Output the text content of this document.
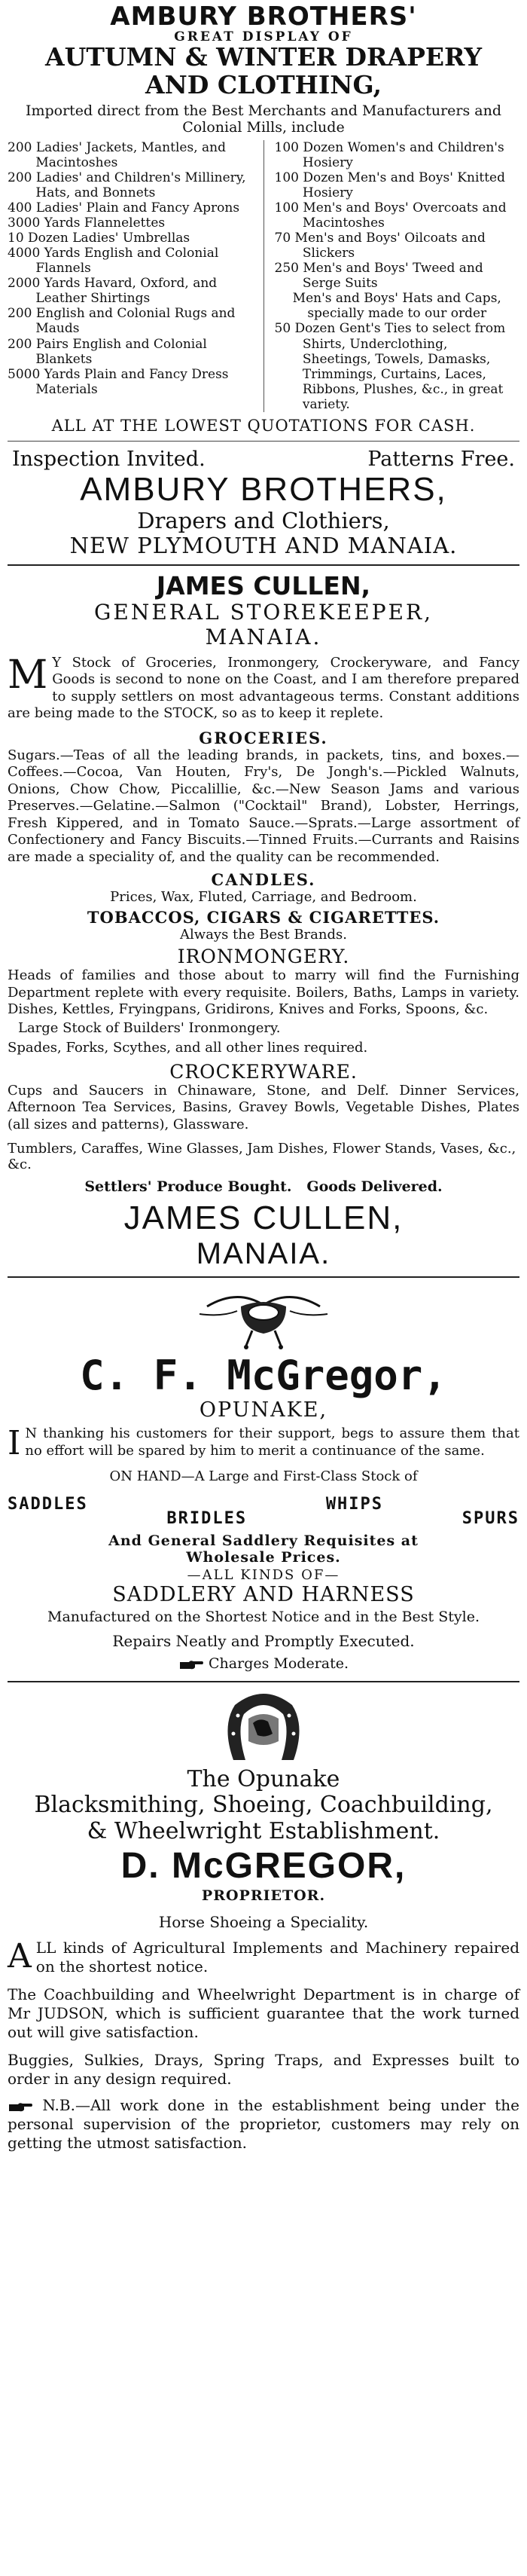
AMBURY BROTHERS'
GREAT DISPLAY OF
AUTUMN & WINTER DRAPERY
AND CLOTHING,
Imported direct from the Best Merchants and Manufacturers and Colonial Mills, include
200 Ladies' Jackets, Mantles, and Macintoshes
200 Ladies' and Children's Millinery, Hats, and Bonnets
400 Ladies' Plain and Fancy Aprons
3000 Yards Flannelettes
10 Dozen Ladies' Umbrellas
4000 Yards English and Colonial Flannels
2000 Yards Havard, Oxford, and Leather Shirtings
200 English and Colonial Rugs and Mauds
200 Pairs English and Colonial Blankets
5000 Yards Plain and Fancy Dress Materials
100 Dozen Women's and Children's Hosiery
100 Dozen Men's and Boys' Knitted Hosiery
100 Men's and Boys' Overcoats and Macintoshes
70 Men's and Boys' Oilcoats and Slickers
250 Men's and Boys' Tweed and Serge Suits
Men's and Boys' Hats and Caps, specially made to our order
50 Dozen Gent's Ties to select from Shirts, Underclothing, Sheetings, Towels, Damasks, Trimmings, Curtains, Laces, Ribbons, Plushes, &c., in great variety.
ALL AT THE LOWEST QUOTATIONS FOR CASH.
Inspection Invited.	Patterns Free.
AMBURY BROTHERS,
Drapers and Clothiers,
NEW PLYMOUTH AND MANAIA.
JAMES CULLEN,
GENERAL STOREKEEPER,
MANAIA.
M Y Stock of Groceries, Ironmongery, Crockeryware, and Fancy Goods is second to none on the Coast, and I am therefore prepared to supply settlers on most advantageous terms. Constant additions are being made to the STOCK, so as to keep it replete.
GROCERIES.
Sugars.—Teas of all the leading brands, in packets, tins, and boxes.—Coffees.—Cocoa, Van Houten, Fry's, De Jongh's.—Pickled Walnuts, Onions, Chow Chow, Piccalillie, &c.—New Season Jams and various Preserves.—Gelatine.—Salmon ("Cocktail" Brand), Lobster, Herrings, Fresh Kippered, and in Tomato Sauce.—Sprats.—Large assortment of Confectionery and Fancy Biscuits.—Tinned Fruits.—Currants and Raisins are made a speciality of, and the quality can be recommended.
CANDLES.
Prices, Wax, Fluted, Carriage, and Bedroom.
TOBACCOS, CIGARS & CIGARETTES.
Always the Best Brands.
IRONMONGERY.
Heads of families and those about to marry will find the Furnishing Department replete with every requisite. Boilers, Baths, Lamps in variety. Dishes, Kettles, Fryingpans, Gridirons, Knives and Forks, Spoons, &c.
Large Stock of Builders' Ironmongery.
Spades, Forks, Scythes, and all other lines required.
CROCKERYWARE.
Cups and Saucers in Chinaware, Stone, and Delf. Dinner Services, Afternoon Tea Services, Basins, Gravey Bowls, Vegetable Dishes, Plates (all sizes and patterns), Glassware.
Tumblers, Caraffes, Wine Glasses, Jam Dishes, Flower Stands, Vases, &c., &c.
Settlers' Produce Bought. Goods Delivered.
JAMES CULLEN,
MANAIA.
C. F. McGregor,
OPUNAKE,
I N thanking his customers for their support, begs to assure them that no effort will be spared by him to merit a continuance of the same.
ON HAND—A Large and First-Class Stock of
SADDLES
BRIDLES
WHIPS
SPURS
And General Saddlery Requisites at
Wholesale Prices.
—ALL KINDS OF—
SADDLERY AND HARNESS
Manufactured on the Shortest Notice and in the Best Style.
Repairs Neatly and Promptly Executed.
Charges Moderate.
The Opunake
Blacksmithing, Shoeing, Coachbuilding,
& Wheelwright Establishment.
D. McGREGOR,
PROPRIETOR.
Horse Shoeing a Speciality.
ALL kinds of Agricultural Implements and Machinery repaired on the shortest notice.
The Coachbuilding and Wheelwright Department is in charge of Mr JUDSON, which is sufficient guarantee that the work turned out will give satisfaction.
Buggies, Sulkies, Drays, Spring Traps, and Expresses built to order in any design required.
N.B.—All work done in the establishment being under the personal supervision of the proprietor, customers may rely on getting the utmost satisfaction.
